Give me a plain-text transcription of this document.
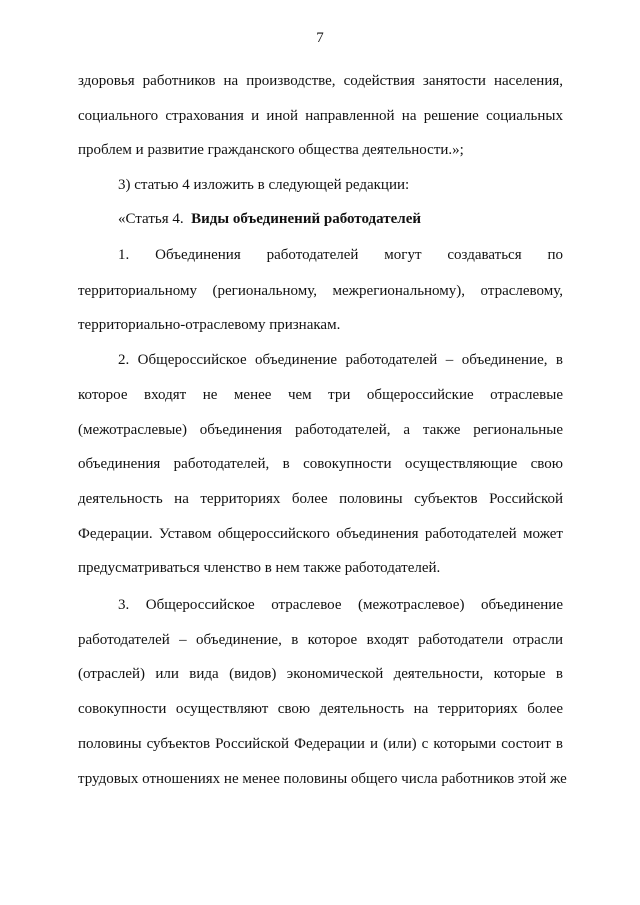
7
здоровья работников на производстве, содействия занятости населения,
социального страхования и иной направленной на решение социальных
проблем и развитие гражданского общества деятельности.»;
3) статью 4 изложить в следующей редакции:
«Статья 4. Виды объединений работодателей
1. Объединения работодателей могут создаваться по
территориальному (региональному, межрегиональному), отраслевому,
территориально-отраслевому признакам.
2. Общероссийское объединение работодателей – объединение, в
которое входят не менее чем три общероссийские отраслевые
(межотраслевые) объединения работодателей, а также региональные
объединения работодателей, в совокупности осуществляющие свою
деятельность на территориях более половины субъектов Российской
Федерации. Уставом общероссийского объединения работодателей может
предусматриваться членство в нем также работодателей.
3. Общероссийское отраслевое (межотраслевое) объединение
работодателей – объединение, в которое входят работодатели отрасли
(отраслей) или вида (видов) экономической деятельности, которые в
совокупности осуществляют свою деятельность на территориях более
половины субъектов Российской Федерации и (или) с которыми состоит в
трудовых отношениях не менее половины общего числа работников этой же
